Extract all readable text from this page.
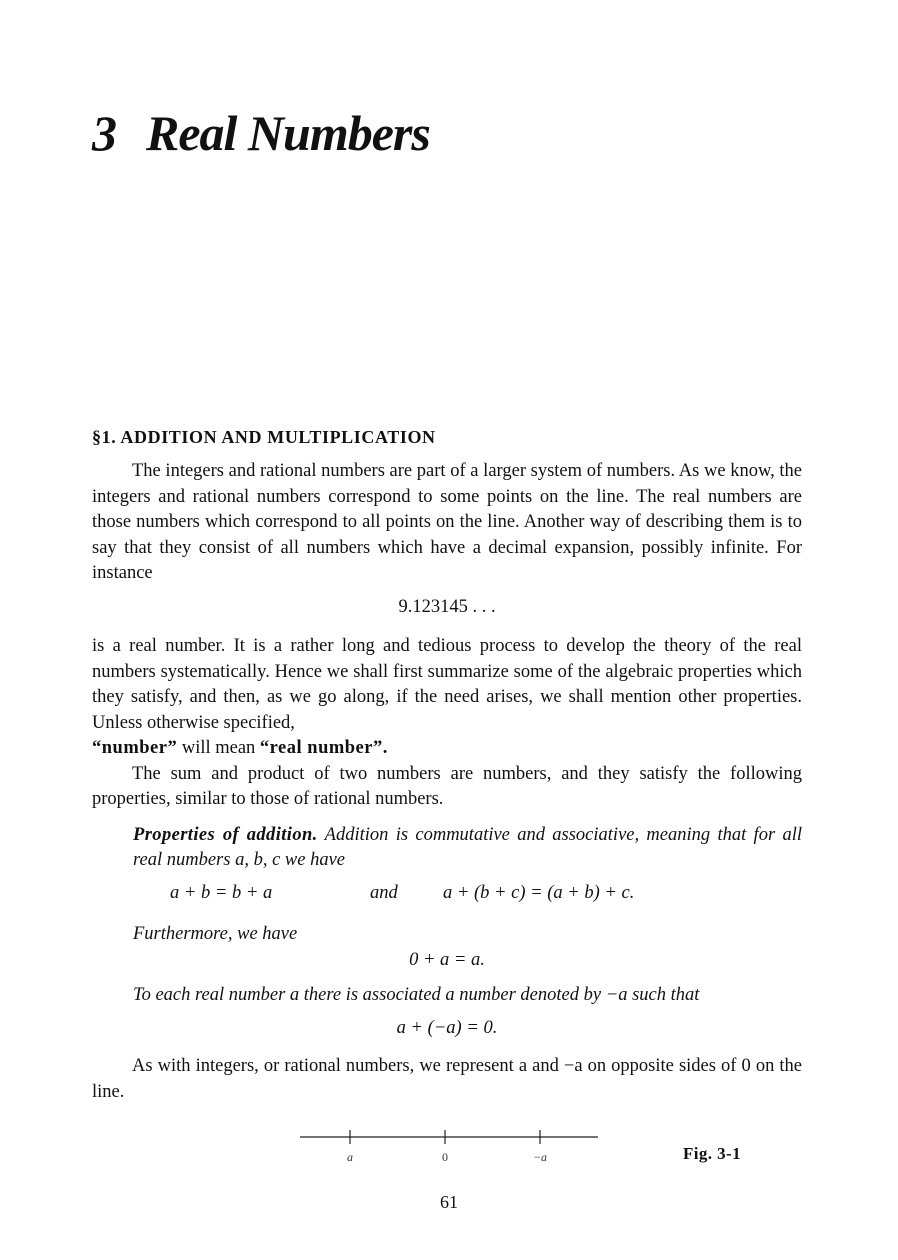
3 Real Numbers
§1. ADDITION AND MULTIPLICATION

The integers and rational numbers are part of a larger system of numbers. As we know, the integers and rational numbers correspond to some points on the line. The real numbers are those numbers which correspond to all points on the line. Another way of describing them is to say that they consist of all numbers which have a decimal expansion, possibly infinite. For instance

9.123145 . . .

is a real number. It is a rather long and tedious process to develop the theory of the real numbers systematically. Hence we shall first summarize some of the algebraic properties which they satisfy, and then, as we go along, if the need arises, we shall mention other properties. Unless otherwise specified,
“number” will mean “real number”.

The sum and product of two numbers are numbers, and they satisfy the following properties, similar to those of rational numbers.

Properties of addition. Addition is commutative and associative, meaning that for all real numbers a, b, c we have

a + b = b + a	and a + (b + c) = (a + b) + c.
Furthermore, we have
0 + a = a.
To each real number a there is associated a number denoted by −a such that
a + (−a) = 0.

As with integers, or rational numbers, we represent a and −a on opposite sides of 0 on the line.

a	0	−a	Fig. 3-1
61
